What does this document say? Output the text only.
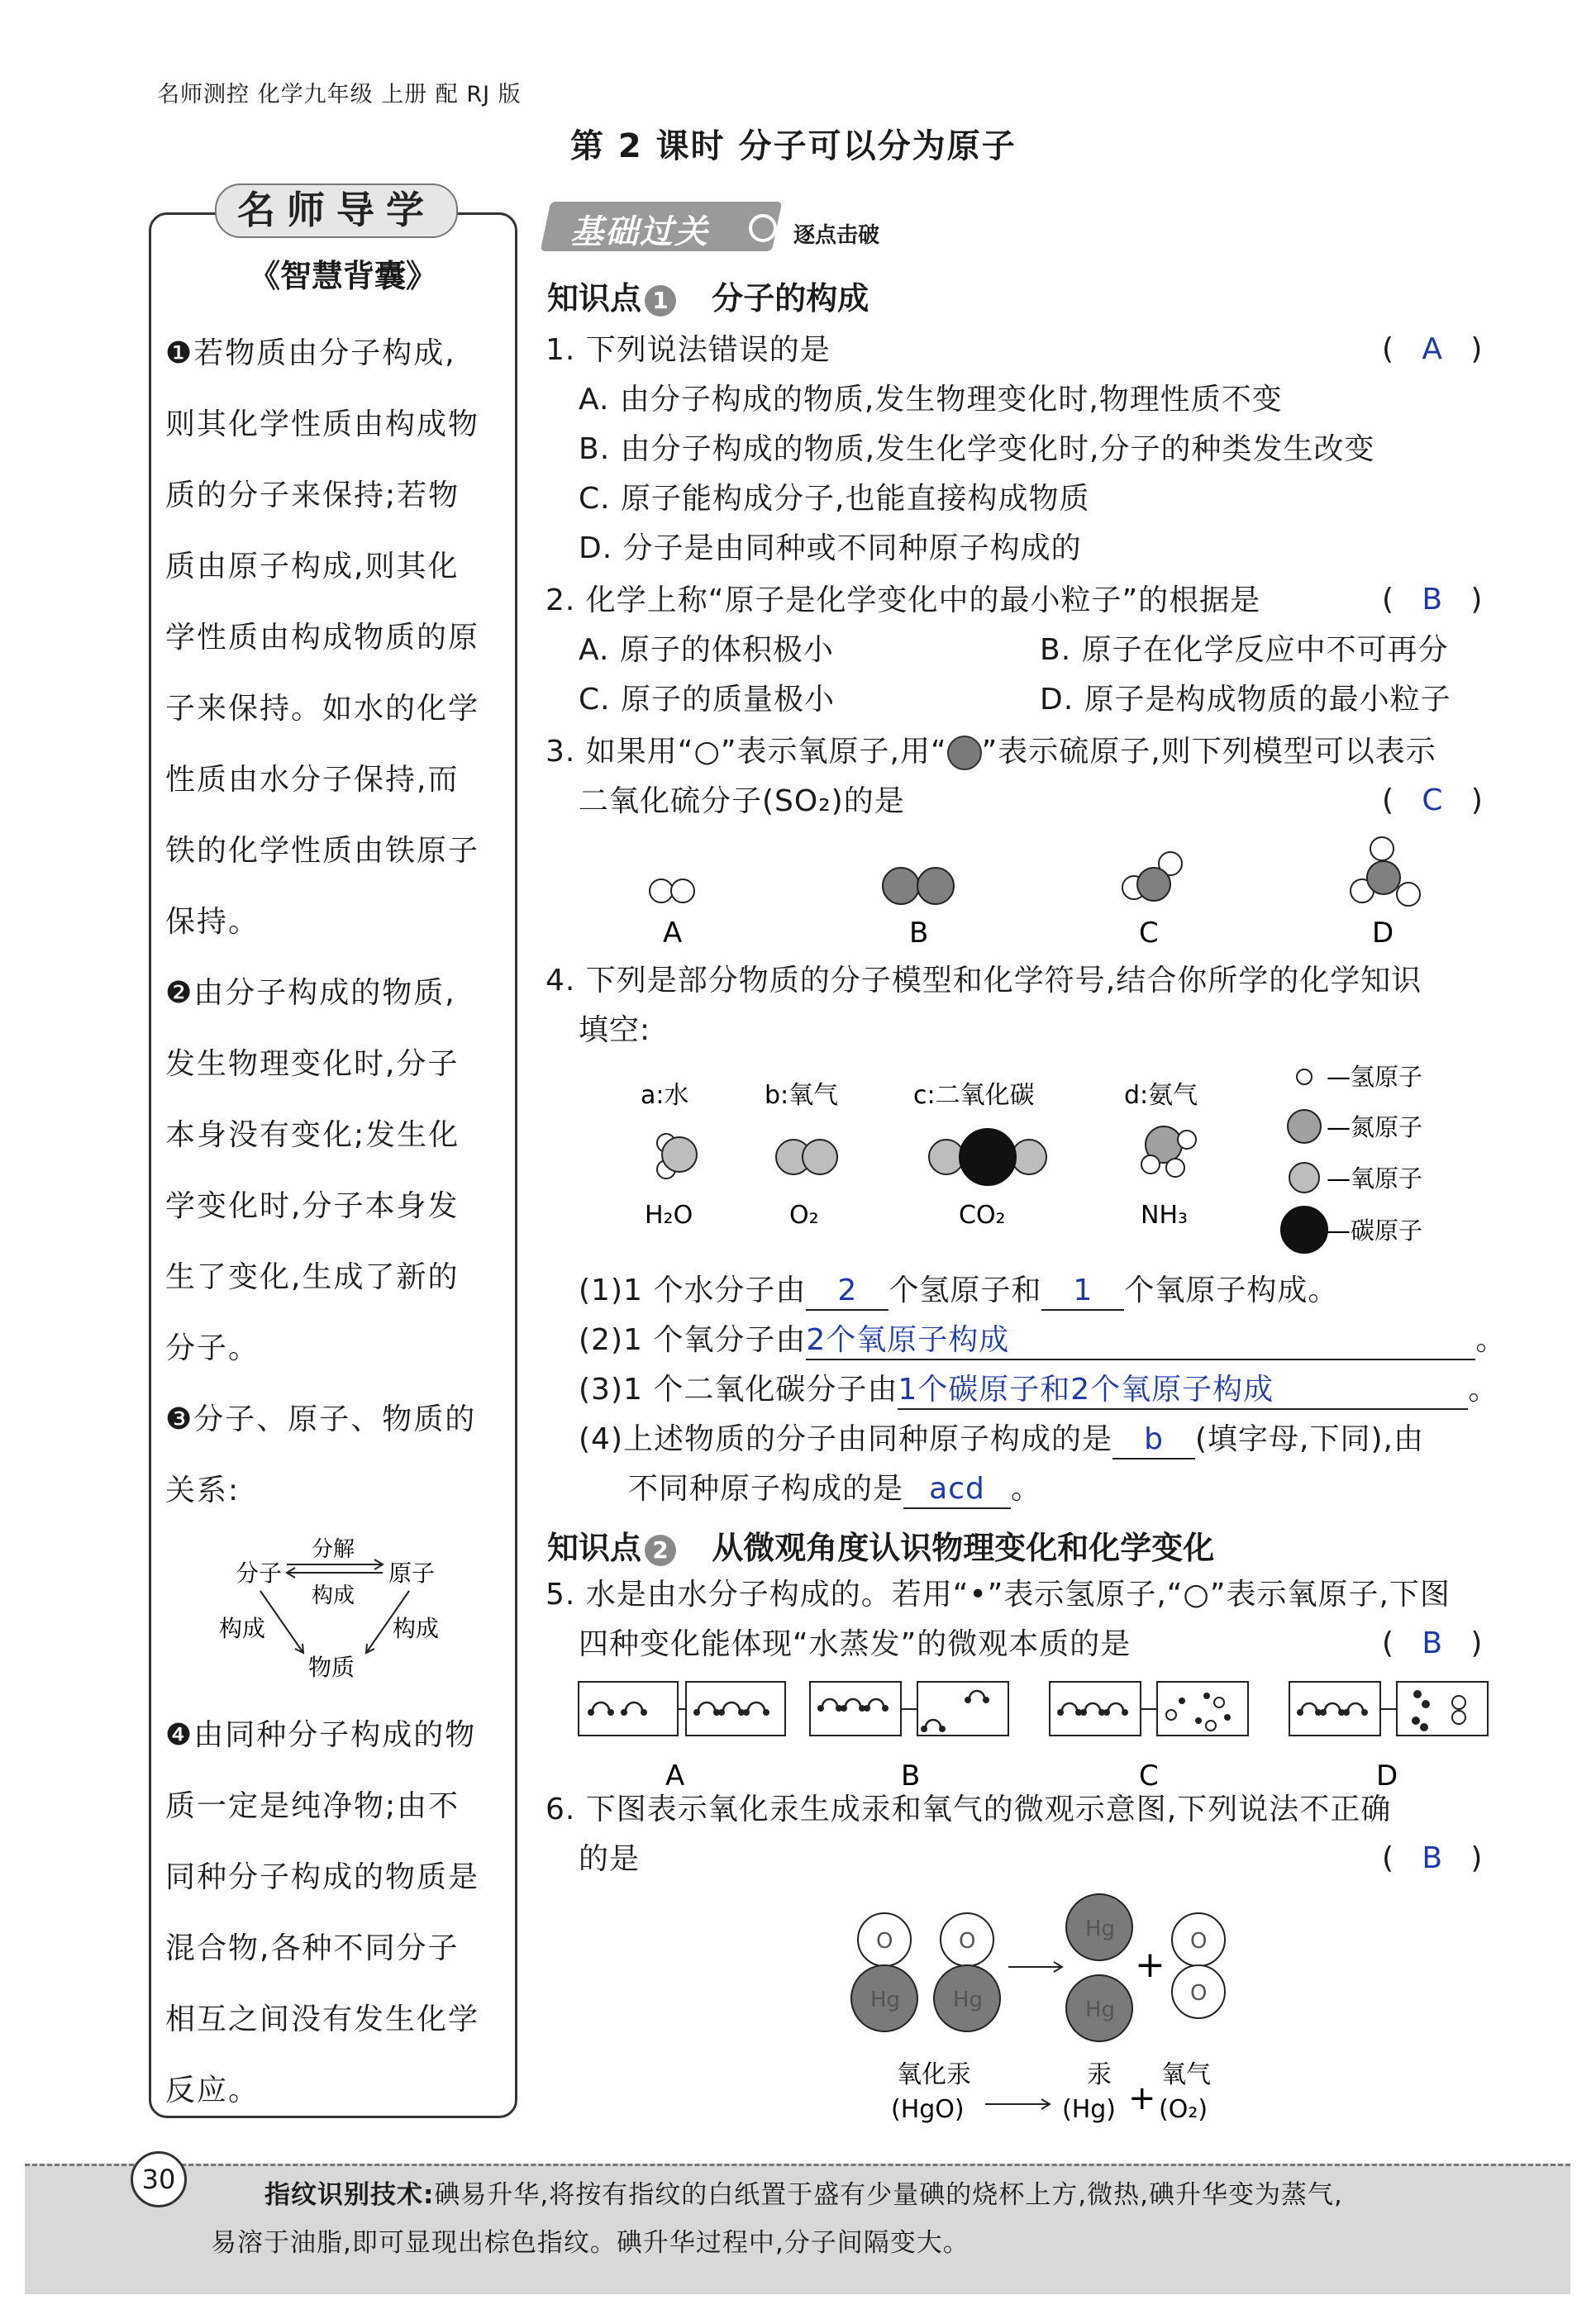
名师测控 化学九年级 上册 配 RJ 版
第 2 课时 分子可以分为原子
名师导学
《智慧背囊》
❶若物质由分子构成,
则其化学性质由构成物
质的分子来保持;若物
质由原子构成,则其化
学性质由构成物质的原
子来保持。如水的化学
性质由水分子保持,而
铁的化学性质由铁原子
保持。
❷由分子构成的物质,
发生物理变化时,分子
本身没有变化;发生化
学变化时,分子本身发
生了变化,生成了新的
分子。
❸分子、原子、物质的
关系:
分子	原子
分解
构成
构成	构成
物质
❹由同种分子构成的物
质一定是纯净物;由不
同种分子构成的物质是
混合物,各种不同分子
相互之间没有发生化学
反应。
基础过关	逐点击破
知识点 1 分子的构成
1. 下列说法错误的是	(   A   )
A. 由分子构成的物质,发生物理变化时,物理性质不变
B. 由分子构成的物质,发生化学变化时,分子的种类发生改变
C. 原子能构成分子,也能直接构成物质
D. 分子是由同种或不同种原子构成的
2. 化学上称“原子是化学变化中的最小粒子”的根据是	(   B   )
A. 原子的体积极小	B. 原子在化学反应中不可再分
C. 原子的质量极小	D. 原子是构成物质的最小粒子
3. 如果用“○”表示氧原子,用“ ”表示硫原子,则下列模型可以表示
二氧化硫分子(SO₂)的是	(   C   )
A	B	C	D
4. 下列是部分物质的分子模型和化学符号,结合你所学的化学知识
填空:
a:水	b:氧气	c:二氧化碳	d:氨气
H₂O	O₂	CO₂	NH₃
—氢原子
—氮原子
—氧原子
—碳原子
(1)1 个水分子由 2 个氢原子和 1 个氧原子构成。
(2)1 个氧分子由2个氧原子构成	。
(3)1 个二氧化碳分子由1个碳原子和2个氧原子构成	。
(4)上述物质的分子由同种原子构成的是 b (填字母,下同),由
不同种原子构成的是 acd 。
知识点 2 从微观角度认识物理变化和化学变化
5. 水是由水分子构成的。若用“•”表示氢原子,“○”表示氧原子,下图
四种变化能体现“水蒸发”的微观本质的是	(   B   )
A	B	C	D
6. 下图表示氧化汞生成汞和氧气的微观示意图,下列说法不正确
的是	(   B   )
O	O
Hg Hg
Hg
Hg
+
O
O
氧化汞
(HgO)
汞
(Hg) +
氧气
(O₂)
30	指纹识别技术:碘易升华,将按有指纹的白纸置于盛有少量碘的烧杯上方,微热,碘升华变为蒸气,
易溶于油脂,即可显现出棕色指纹。碘升华过程中,分子间隔变大。
